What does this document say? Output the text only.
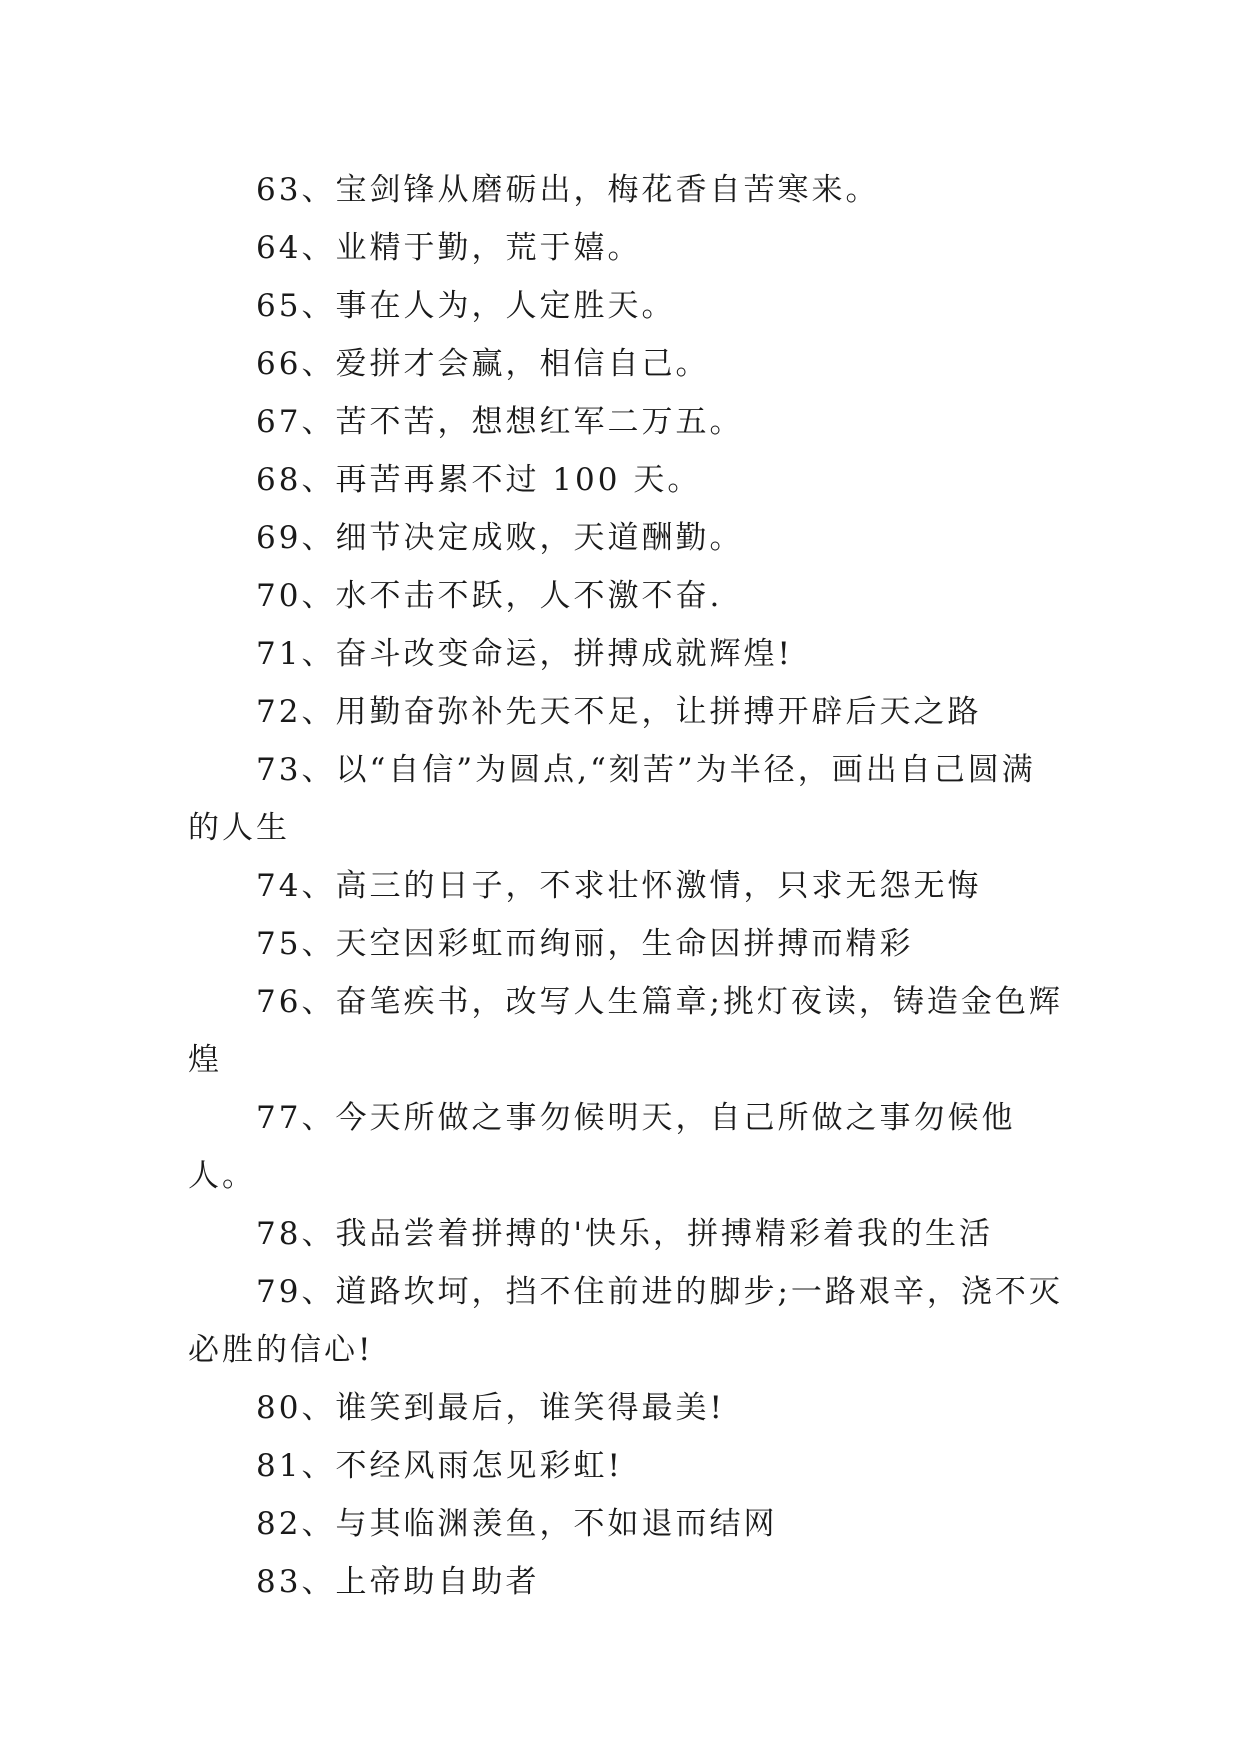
63、宝剑锋从磨砺出，梅花香自苦寒来。

64、业精于勤，荒于嬉。

65、事在人为，人定胜天。

66、爱拼才会赢，相信自己。

67、苦不苦，想想红军二万五。

68、再苦再累不过 100 天。

69、细节决定成败，天道酬勤。

70、水不击不跃，人不激不奋.

71、奋斗改变命运，拼搏成就辉煌!

72、用勤奋弥补先天不足，让拼搏开辟后天之路

73、以“自信”为圆点,“刻苦”为半径，画出自己圆满的人生

74、高三的日子，不求壮怀激情，只求无怨无悔

75、天空因彩虹而绚丽，生命因拼搏而精彩

76、奋笔疾书，改写人生篇章;挑灯夜读，铸造金色辉煌

77、今天所做之事勿候明天，自己所做之事勿候他人。

78、我品尝着拼搏的'快乐，拼搏精彩着我的生活

79、道路坎坷，挡不住前进的脚步;一路艰辛，浇不灭必胜的信心!

80、谁笑到最后，谁笑得最美!

81、不经风雨怎见彩虹!

82、与其临渊羡鱼，不如退而结网

83、上帝助自助者
